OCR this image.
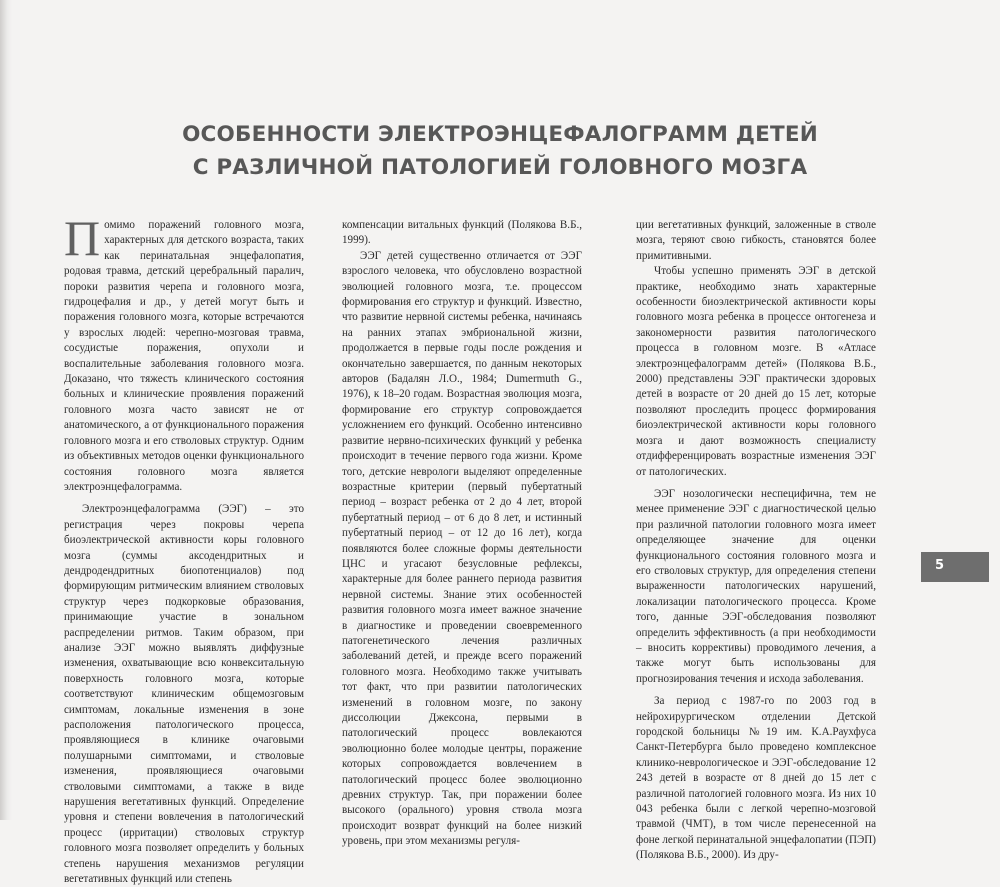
ОСОБЕННОСТИ ЭЛЕКТРОЭНЦЕФАЛОГРАММ ДЕТЕЙ
С РАЗЛИЧНОЙ ПАТОЛОГИЕЙ ГОЛОВНОГО МОЗГА

Помимо поражений головного мозга, характерных для детского возраста, таких как перинатальная энцефалопатия, родовая травма, детский церебральный паралич, пороки развития черепа и головного мозга, гидроцефалия и др., у детей могут быть и поражения головного мозга, которые встречаются у взрослых людей: черепно-мозговая травма, сосудистые поражения, опухоли и воспалительные заболевания головного мозга. Доказано, что тяжесть клинического состояния больных и клинические проявления поражений головного мозга часто зависят не от анатомического, а от функционального поражения головного мозга и его стволовых структур. Одним из объективных методов оценки функционального состояния головного мозга является электроэнцефалограмма.

Электроэнцефалограмма (ЭЭГ) – это регистрация через покровы черепа биоэлектрической активности коры головного мозга (суммы аксодендритных и дендродендритных биопотенциалов) под формирующим ритмическим влиянием стволовых структур через подкорковые образования, принимающие участие в зональном распределении ритмов. Таким образом, при анализе ЭЭГ можно выявлять диффузные изменения, охватывающие всю конвекситальную поверхность головного мозга, которые соответствуют клиническим общемозговым симптомам, локальные изменения в зоне расположения патологического процесса, проявляющиеся в клинике очаговыми полушарными симптомами, и стволовые изменения, проявляющиеся очаговыми стволовыми симптомами, а также в виде нарушения вегетативных функций. Определение уровня и степени вовлечения в патологический процесс (ирритации) стволовых структур головного мозга позволяет определить у больных степень нарушения механизмов регуляции вегетативных функций или степень

компенсации витальных функций (Полякова В.Б., 1999).

ЭЭГ детей существенно отличается от ЭЭГ взрослого человека, что обусловлено возрастной эволюцией головного мозга, т.е. процессом формирования его структур и функций. Известно, что развитие нервной системы ребенка, начинаясь на ранних этапах эмбриональной жизни, продолжается в первые годы после рождения и окончательно завершается, по данным некоторых авторов (Бадалян Л.О., 1984; Dumermuth G., 1976), к 18–20 годам. Возрастная эволюция мозга, формирование его структур сопровождается усложнением его функций. Особенно интенсивно развитие нервно-психических функций у ребенка происходит в течение первого года жизни. Кроме того, детские неврологи выделяют определенные возрастные критерии (первый пубертатный период – возраст ребенка от 2 до 4 лет, второй пубертатный период – от 6 до 8 лет, и истинный пубертатный период – от 12 до 16 лет), когда появляются более сложные формы деятельности ЦНС и угасают безусловные рефлексы, характерные для более раннего периода развития нервной системы. Знание этих особенностей развития головного мозга имеет важное значение в диагностике и проведении своевременного патогенетического лечения различных заболеваний детей, и прежде всего поражений головного мозга. Необходимо также учитывать тот факт, что при развитии патологических изменений в головном мозге, по закону диссолюции Джексона, первыми в патологический процесс вовлекаются эволюционно более молодые центры, поражение которых сопровождается вовлечением в патологический процесс более эволюционно древних структур. Так, при поражении более высокого (орального) уровня ствола мозга происходит возврат функций на более низкий уровень, при этом механизмы регуля-

ции вегетативных функций, заложенные в стволе мозга, теряют свою гибкость, становятся более примитивными.

Чтобы успешно применять ЭЭГ в детской практике, необходимо знать характерные особенности биоэлектрической активности коры головного мозга ребенка в процессе онтогенеза и закономерности развития патологического процесса в головном мозге. В «Атласе электроэнцефалограмм детей» (Полякова В.Б., 2000) представлены ЭЭГ практически здоровых детей в возрасте от 20 дней до 15 лет, которые позволяют проследить процесс формирования биоэлектрической активности коры головного мозга и дают возможность специалисту отдифференцировать возрастные изменения ЭЭГ от патологических.

ЭЭГ нозологически неспецифична, тем не менее применение ЭЭГ с диагностической целью при различной патологии головного мозга имеет определяющее значение для оценки функционального состояния головного мозга и его стволовых структур, для определения степени выраженности патологических нарушений, локализации патологического процесса. Кроме того, данные ЭЭГ-обследования позволяют определить эффективность (а при необходимости – вносить коррективы) проводимого лечения, а также могут быть использованы для прогнозирования течения и исхода заболевания.

За период с 1987-го по 2003 год в нейрохирургическом отделении Детской городской больницы №19 им. К.А.Раухфуса Санкт-Петербурга было проведено комплексное клинико-неврологическое и ЭЭГ-обследование 12 243 детей в возрасте от 8 дней до 15 лет с различной патологией головного мозга. Из них 10 043 ребенка были с легкой черепно-мозговой травмой (ЧМТ), в том числе перенесенной на фоне легкой перинатальной энцефалопатии (ПЭП) (Полякова В.Б., 2000). Из дру-

5
